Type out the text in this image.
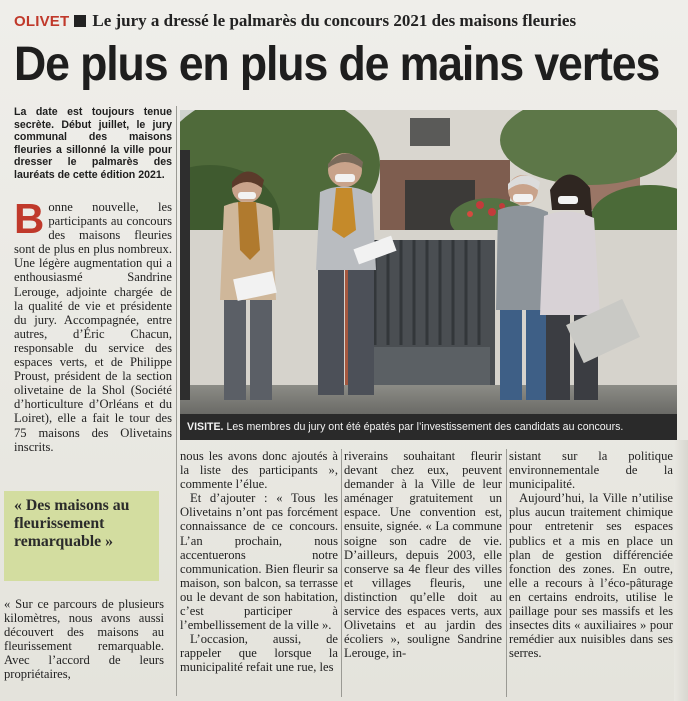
OLIVET Le jury a dressé le palmarès du concours 2021 des maisons fleuries
De plus en plus de mains vertes
La date est toujours tenue secrète. Début juillet, le jury communal des maisons fleuries a sillonné la ville pour dresser le palmarès des lauréats de cette édition 2021.
Bonne nouvelle, les participants au concours des maisons fleuries sont de plus en plus nombreux. Une légère augmentation qui a enthousiasmé Sandrine Lerouge, adjointe chargée de la qualité de vie et présidente du jury. Accompagnée, entre autres, d’Éric Chacun, responsable du service des espaces verts, et de Philippe Proust, président de la section olivetaine de la Shol (Société d’horticulture d’Orléans et du Loiret), elle a fait le tour des 75 maisons des Olivetains inscrits.
« Des maisons au fleurissement remarquable »
« Sur ce parcours de plusieurs kilomètres, nous avons aussi découvert des maisons au fleurissement remarquable. Avec l’accord de leurs propriétaires,
VISITE. Les membres du jury ont été épatés par l’investissement des candidats au concours.

nous les avons donc ajoutés à la liste des participants », commente l’élue.

Et d’ajouter : « Tous les Olivetains n’ont pas forcément connaissance de ce concours. L’an prochain, nous accentuerons notre communication. Bien fleurir sa maison, son balcon, sa terrasse ou le devant de son habitation, c’est participer à l’embellissement de la ville ».

L’occasion, aussi, de rappeler que lorsque la municipalité refait une rue, les

riverains souhaitant fleurir devant chez eux, peuvent demander à la Ville de leur aménager gratuitement un espace. Une convention est, ensuite, signée. « La commune soigne son cadre de vie. D’ailleurs, depuis 2003, elle conserve sa 4e fleur des villes et villages fleuris, une distinction qu’elle doit au service des espaces verts, aux Olivetains et au jardin des écoliers », souligne Sandrine Lerouge, in-

sistant sur la politique environnementale de la municipalité.

Aujourd’hui, la Ville n’utilise plus aucun traitement chimique pour entretenir ses espaces publics et a mis en place un plan de gestion différenciée fonction des zones. En outre, elle a recours à l’éco-pâturage en certains endroits, utilise le paillage pour ses massifs et les insectes dits « auxiliaires » pour remédier aux nuisibles dans ses serres.
